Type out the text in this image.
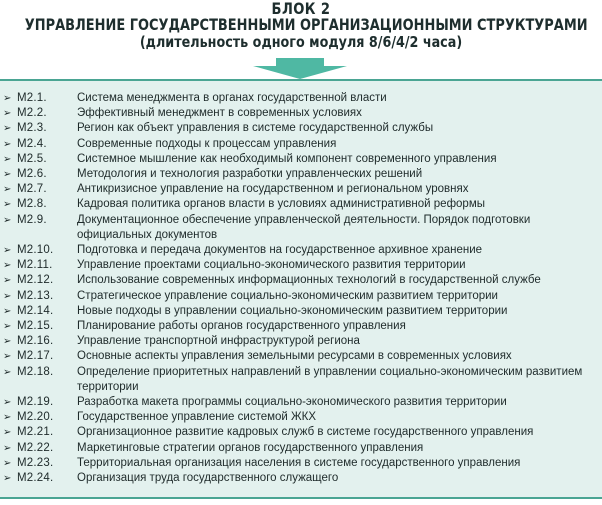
БЛОК 2
УПРАВЛЕНИЕ ГОСУДАРСТВЕННЫМИ ОРГАНИЗАЦИОННЫМИ СТРУКТУРАМИ
(длительность одного модуля 8/6/4/2 часа)
➢ М2.1.	Система менеджмента в органах государственной власти
➢ М2.2.	Эффективный менеджмент в современных условиях
➢ М2.3.	Регион как объект управления в системе государственной службы
➢ М2.4.	Современные подходы к процессам управления
➢ М2.5.	Системное мышление как необходимый компонент современного управления
➢ М2.6.	Методология и технология разработки управленческих решений
➢ М2.7.	Антикризисное управление на государственном и региональном уровнях
➢ М2.8.	Кадровая политика органов власти в условиях административной реформы
➢ М2.9.	Документационное обеспечение управленческой деятельности. Порядок подготовки официальных документов
➢ М2.10.	Подготовка и передача документов на государственное архивное хранение
➢ М2.11.	Управление проектами социально-экономического развития территории
➢ М2.12.	Использование современных информационных технологий в государственной службе
➢ М2.13.	Стратегическое управление социально-экономическим развитием территории
➢ М2.14.	Новые подходы в управлении социально-экономическим развитием территории
➢ М2.15.	Планирование работы органов государственного управления
➢ М2.16.	Управление транспортной инфраструктурой региона
➢ М2.17.	Основные аспекты управления земельными ресурсами в современных условиях
➢ М2.18.	Определение приоритетных направлений в управлении социально-экономическим развитием территории
➢ М2.19.	Разработка макета программы социально-экономического развития территории
➢ М2.20.	Государственное управление системой ЖКХ
➢ М2.21.	Организационное развитие кадровых служб в системе государственного управления
➢ М2.22.	Маркетинговые стратегии органов государственного управления
➢ М2.23.	Территориальная организация населения в системе государственного управления
➢ М2.24.	Организация труда государственного служащего
